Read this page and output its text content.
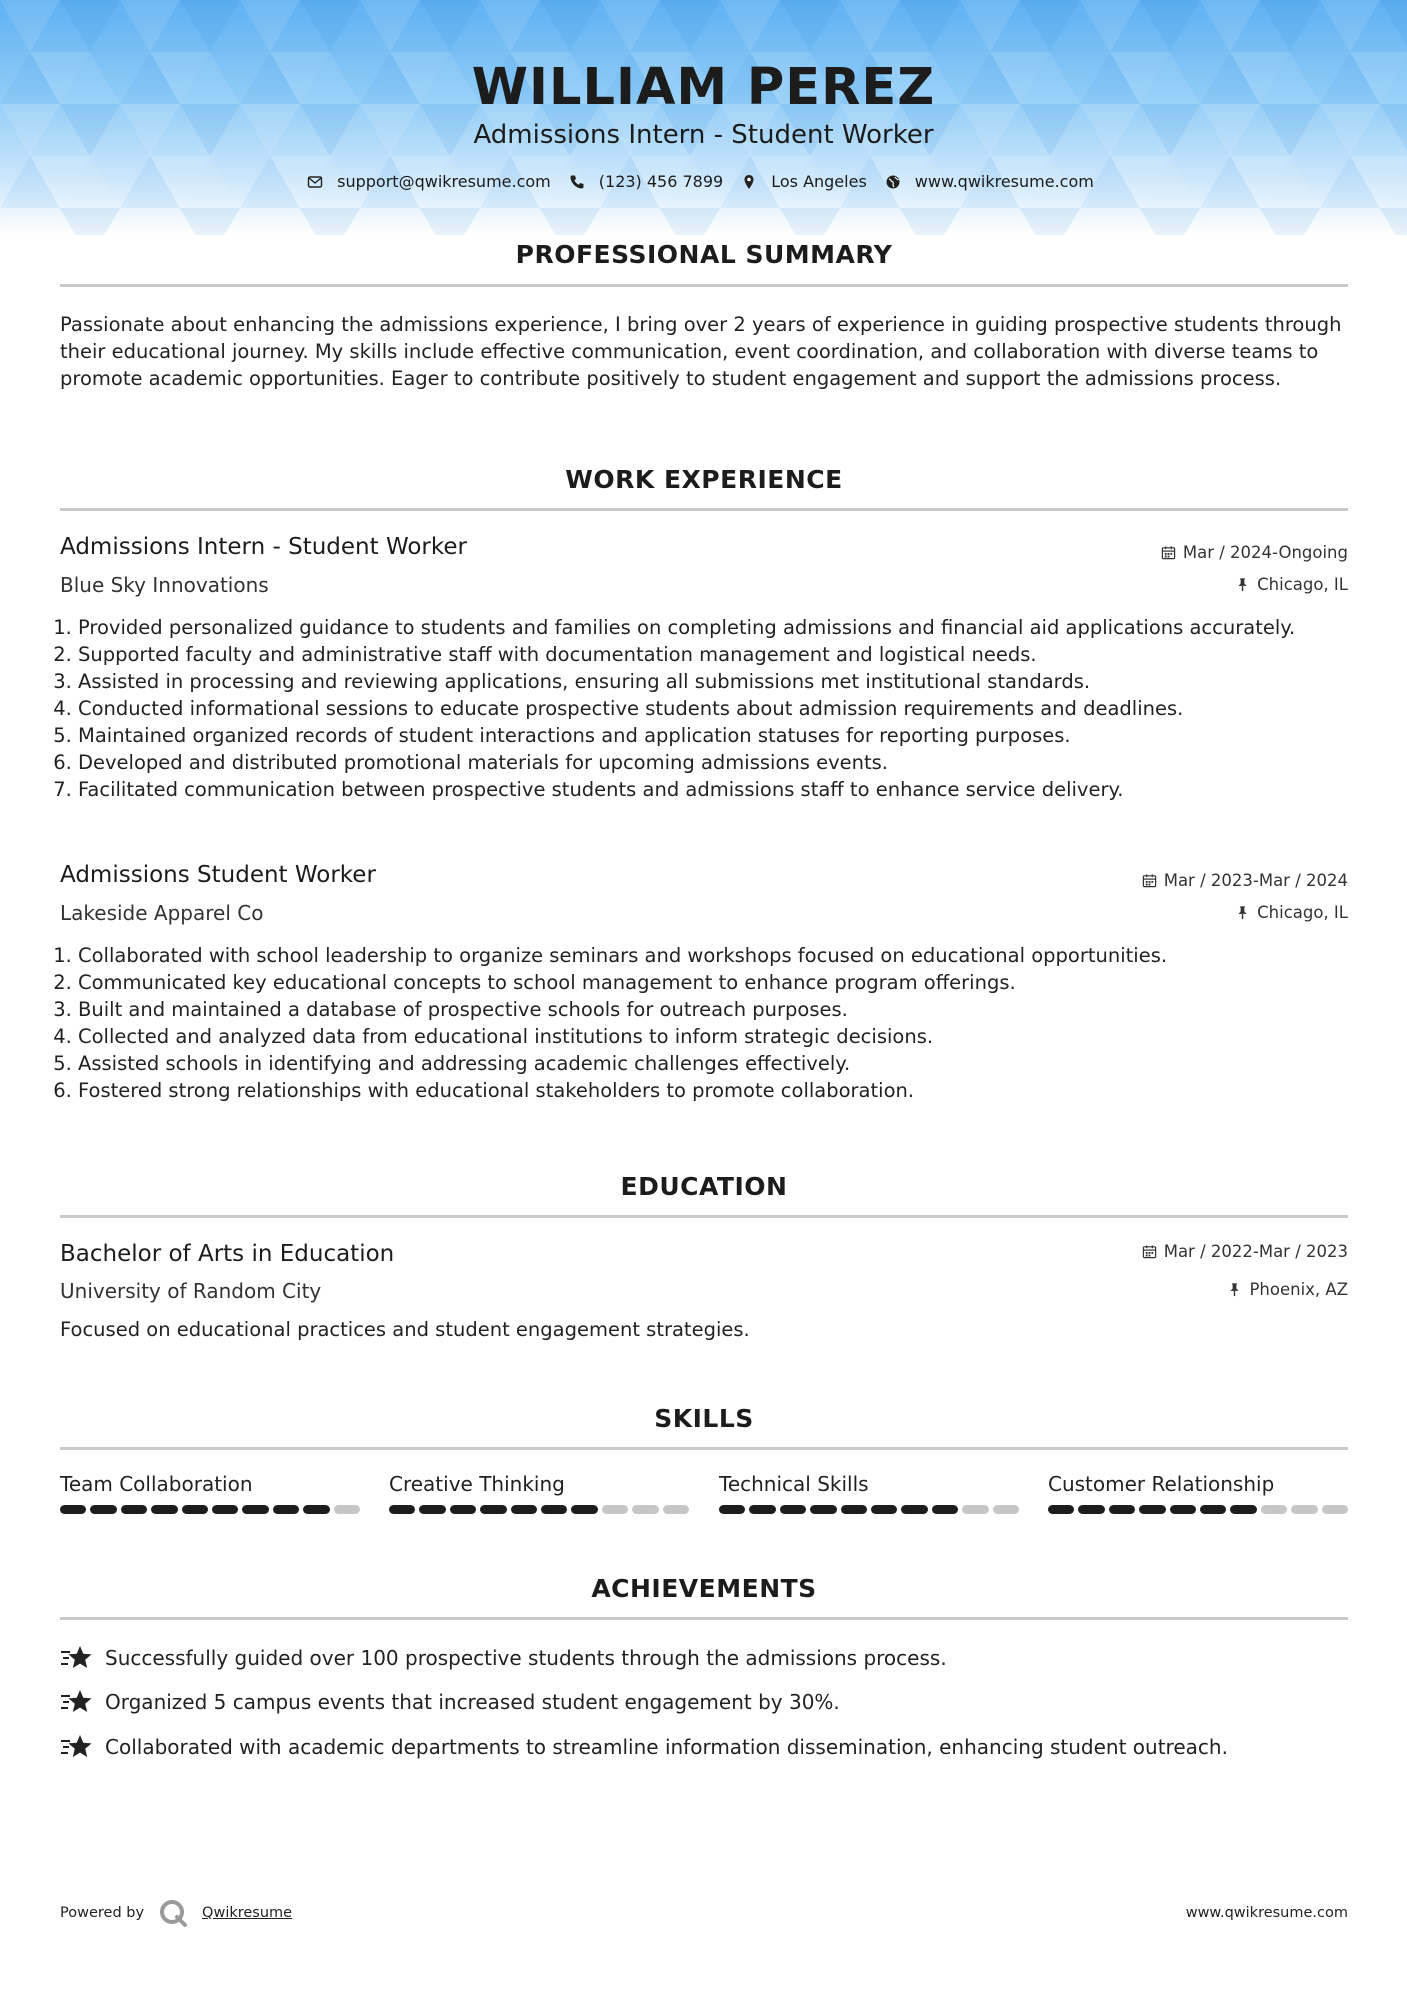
WILLIAM PEREZ
Admissions Intern - Student Worker
support@qwikresume.com	(123) 456 7899	Los Angeles	www.qwikresume.com
PROFESSIONAL SUMMARY
Passionate about enhancing the admissions experience, I bring over 2 years of experience in guiding prospective students through their educational journey. My skills include effective communication, event coordination, and collaboration with diverse teams to promote academic opportunities. Eager to contribute positively to student engagement and support the admissions process.
WORK EXPERIENCE
Admissions Intern - Student Worker	Mar / 2024-Ongoing
Blue Sky Innovations	Chicago, IL
1. Provided personalized guidance to students and families on completing admissions and financial aid applications accurately.
2. Supported faculty and administrative staff with documentation management and logistical needs.
3. Assisted in processing and reviewing applications, ensuring all submissions met institutional standards.
4. Conducted informational sessions to educate prospective students about admission requirements and deadlines.
5. Maintained organized records of student interactions and application statuses for reporting purposes.
6. Developed and distributed promotional materials for upcoming admissions events.
7. Facilitated communication between prospective students and admissions staff to enhance service delivery.
Admissions Student Worker	Mar / 2023-Mar / 2024
Lakeside Apparel Co	Chicago, IL
1. Collaborated with school leadership to organize seminars and workshops focused on educational opportunities.
2. Communicated key educational concepts to school management to enhance program offerings.
3. Built and maintained a database of prospective schools for outreach purposes.
4. Collected and analyzed data from educational institutions to inform strategic decisions.
5. Assisted schools in identifying and addressing academic challenges effectively.
6. Fostered strong relationships with educational stakeholders to promote collaboration.
EDUCATION
Bachelor of Arts in Education	Mar / 2022-Mar / 2023
University of Random City	Phoenix, AZ
Focused on educational practices and student engagement strategies.
SKILLS
Team Collaboration	Creative Thinking	Technical Skills	Customer Relationship
ACHIEVEMENTS
Successfully guided over 100 prospective students through the admissions process.
Organized 5 campus events that increased student engagement by 30%.
Collaborated with academic departments to streamline information dissemination, enhancing student outreach.
Powered by	Qwikresume	www.qwikresume.com
